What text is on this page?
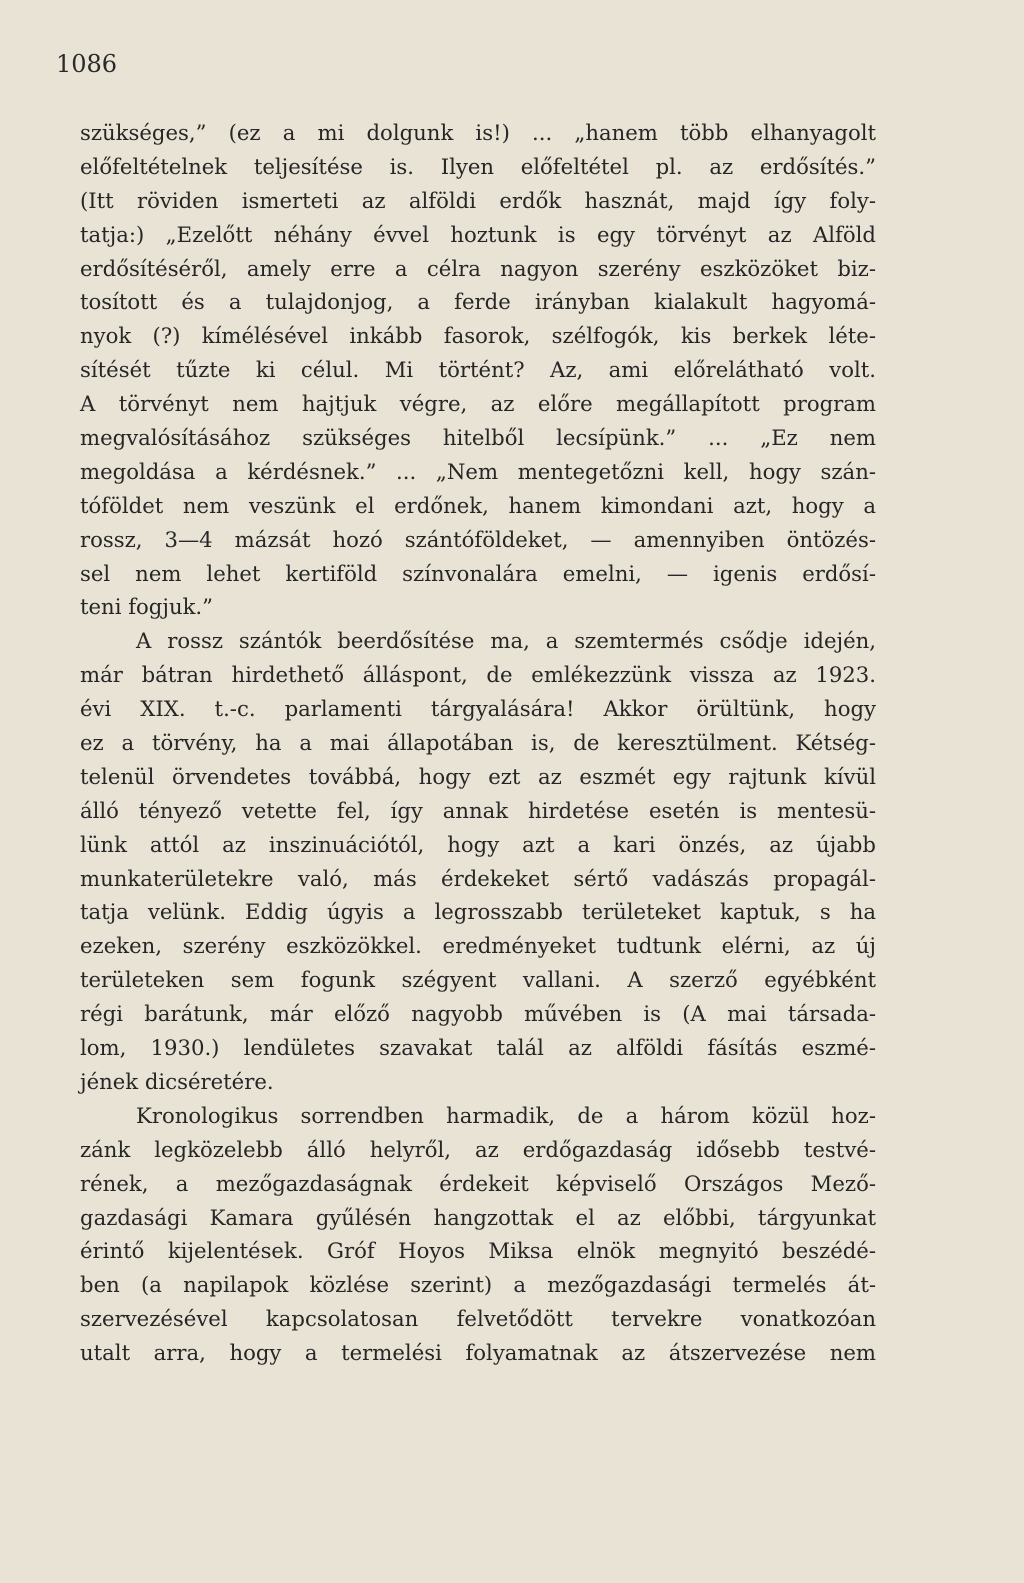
1086
szükséges,” (ez a mi dolgunk is!) ... „hanem több elhanyagolt
előfeltételnek teljesítése is. Ilyen előfeltétel pl. az erdősítés.”
(Itt röviden ismerteti az alföldi erdők hasznát, majd így foly-
tatja:) „Ezelőtt néhány évvel hoztunk is egy törvényt az Alföld
erdősítéséről, amely erre a célra nagyon szerény eszközöket biz-
tosított és a tulajdonjog, a ferde irányban kialakult hagyomá-
nyok (?) kímélésével inkább fasorok, szélfogók, kis berkek léte-
sítését tűzte ki célul. Mi történt? Az, ami előrelátható volt.
A törvényt nem hajtjuk végre, az előre megállapított program
megvalósításához szükséges hitelből lecsípünk.” ... „Ez nem
megoldása a kérdésnek.” ... „Nem mentegetőzni kell, hogy szán-
tóföldet nem veszünk el erdőnek, hanem kimondani azt, hogy a
rossz, 3—4 mázsát hozó szántóföldeket, — amennyiben öntözés-
sel nem lehet kertiföld színvonalára emelni, — igenis erdősí-
teni fogjuk.”
A rossz szántók beerdősítése ma, a szemtermés csődje idején,
már bátran hirdethető álláspont, de emlékezzünk vissza az 1923.
évi XIX. t.-c. parlamenti tárgyalására! Akkor örültünk, hogy
ez a törvény, ha a mai állapotában is, de keresztülment. Kétség-
telenül örvendetes továbbá, hogy ezt az eszmét egy rajtunk kívül
álló tényező vetette fel, így annak hirdetése esetén is mentesü-
lünk attól az inszinuációtól, hogy azt a kari önzés, az újabb
munkaterületekre való, más érdekeket sértő vadászás propagál-
tatja velünk. Eddig úgyis a legrosszabb területeket kaptuk, s ha
ezeken, szerény eszközökkel. eredményeket tudtunk elérni, az új
területeken sem fogunk szégyent vallani. A szerző egyébként
régi barátunk, már előző nagyobb művében is (A mai társada-
lom, 1930.) lendületes szavakat talál az alföldi fásítás eszmé-
jének dicséretére.
Kronologikus sorrendben harmadik, de a három közül hoz-
zánk legközelebb álló helyről, az erdőgazdaság idősebb testvé-
rének, a mezőgazdaságnak érdekeit képviselő Országos Mező-
gazdasági Kamara gyűlésén hangzottak el az előbbi, tárgyunkat
érintő kijelentések. Gróf Hoyos Miksa elnök megnyitó beszédé-
ben (a napilapok közlése szerint) a mezőgazdasági termelés át-
szervezésével kapcsolatosan felvetődött tervekre vonatkozóan
utalt arra, hogy a termelési folyamatnak az átszervezése nem
